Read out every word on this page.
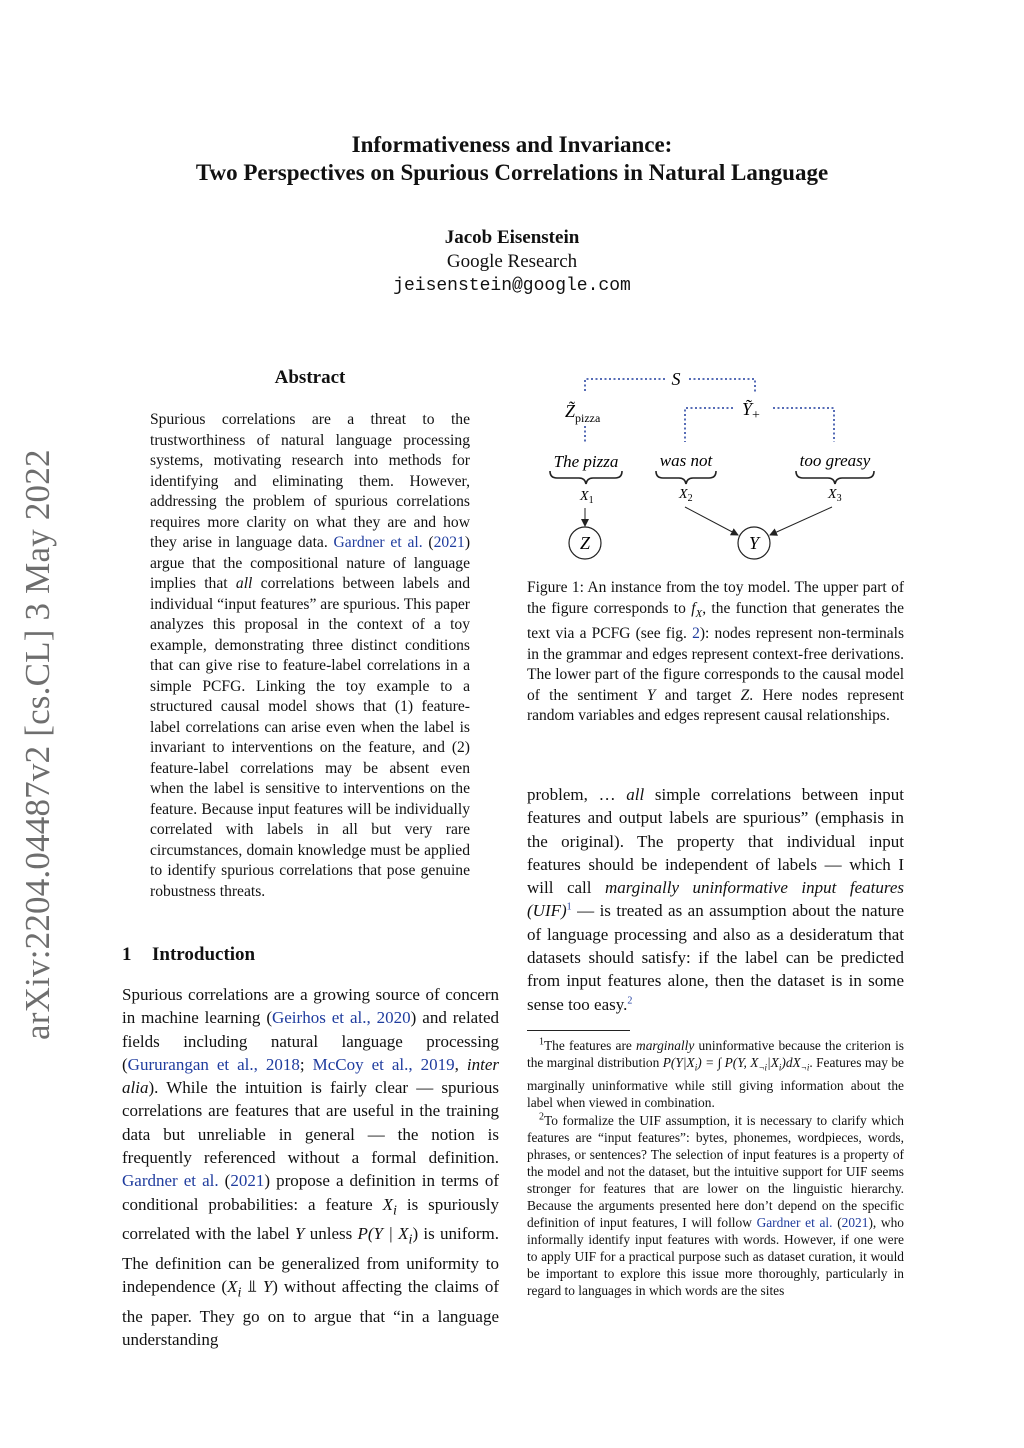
arXiv:2204.04487v2 [cs.CL] 3 May 2022
Informativeness and Invariance:
Two Perspectives on Spurious Correlations in Natural Language
Jacob Eisenstein
Google Research
jeisenstein@google.com
Abstract
Spurious correlations are a threat to the trustworthiness of natural language processing systems, motivating research into methods for identifying and eliminating them. However, addressing the problem of spurious correlations requires more clarity on what they are and how they arise in language data. Gardner et al. (2021) argue that the compositional nature of language implies that all correlations between labels and individual “input features” are spurious. This paper analyzes this proposal in the context of a toy example, demonstrating three distinct conditions that can give rise to feature-label correlations in a simple PCFG. Linking the toy example to a structured causal model shows that (1) feature-label correlations can arise even when the label is invariant to interventions on the feature, and (2) feature-label correlations may be absent even when the label is sensitive to interventions on the feature. Because input features will be individually correlated with labels in all but very rare circumstances, domain knowledge must be applied to identify spurious correlations that pose genuine robustness threats.
1 Introduction
Spurious correlations are a growing source of concern in machine learning (Geirhos et al., 2020) and related fields including natural language processing (Gururangan et al., 2018; McCoy et al., 2019, inter alia). While the intuition is fairly clear — spurious correlations are features that are useful in the training data but unreliable in general — the notion is frequently referenced without a formal definition. Gardner et al. (2021) propose a definition in terms of conditional probabilities: a feature $X_i$ is spuriously correlated with the label Y unless P(Y | $X_i$) is uniform. The definition can be generalized from uniformity to independence ($X_i$ ⫫ Y) without affecting the claims of the paper. They go on to argue that “in a language understanding
S
$Z̃_{pizza}$	Ỹ$_+$
The pizza was not	too greasy
$X_1$	$X_2$	$X_3$
Z	Y
Figure 1: An instance from the toy model. The upper part of the figure corresponds to $f_X$, the function that generates the text via a PCFG (see fig. 2): nodes represent non-terminals in the grammar and edges represent context-free derivations. The lower part of the figure corresponds to the causal model of the sentiment Y and target Z. Here nodes represent random variables and edges represent causal relationships.
problem, … all simple correlations between input features and output labels are spurious” (emphasis in the original). The property that individual input features should be independent of labels — which I will call marginally uninformative input features (UIF)$^1$ — is treated as an assumption about the nature of language processing and also as a desideratum that datasets should satisfy: if the label can be predicted from input features alone, then the dataset is in some sense too easy.$^2$

$^1$The features are marginally uninformative because the criterion is the marginal distribution $P(Y|X_i)$ = ∫ P(Y, $X_{\neg i}|X_i)dX_{\neg i}$. Features may be marginally uninformative while still giving information about the label when viewed in combination.

$^2$To formalize the UIF assumption, it is necessary to clarify which features are “input features”: bytes, phonemes, wordpieces, words, phrases, or sentences? The selection of input features is a property of the model and not the dataset, but the intuitive support for UIF seems stronger for features that are lower on the linguistic hierarchy. Because the arguments presented here don’t depend on the specific definition of input features, I will follow Gardner et al. (2021), who informally identify input features with words. However, if one were to apply UIF for a practical purpose such as dataset curation, it would be important to explore this issue more thoroughly, particularly in regard to languages in which words are the sites
